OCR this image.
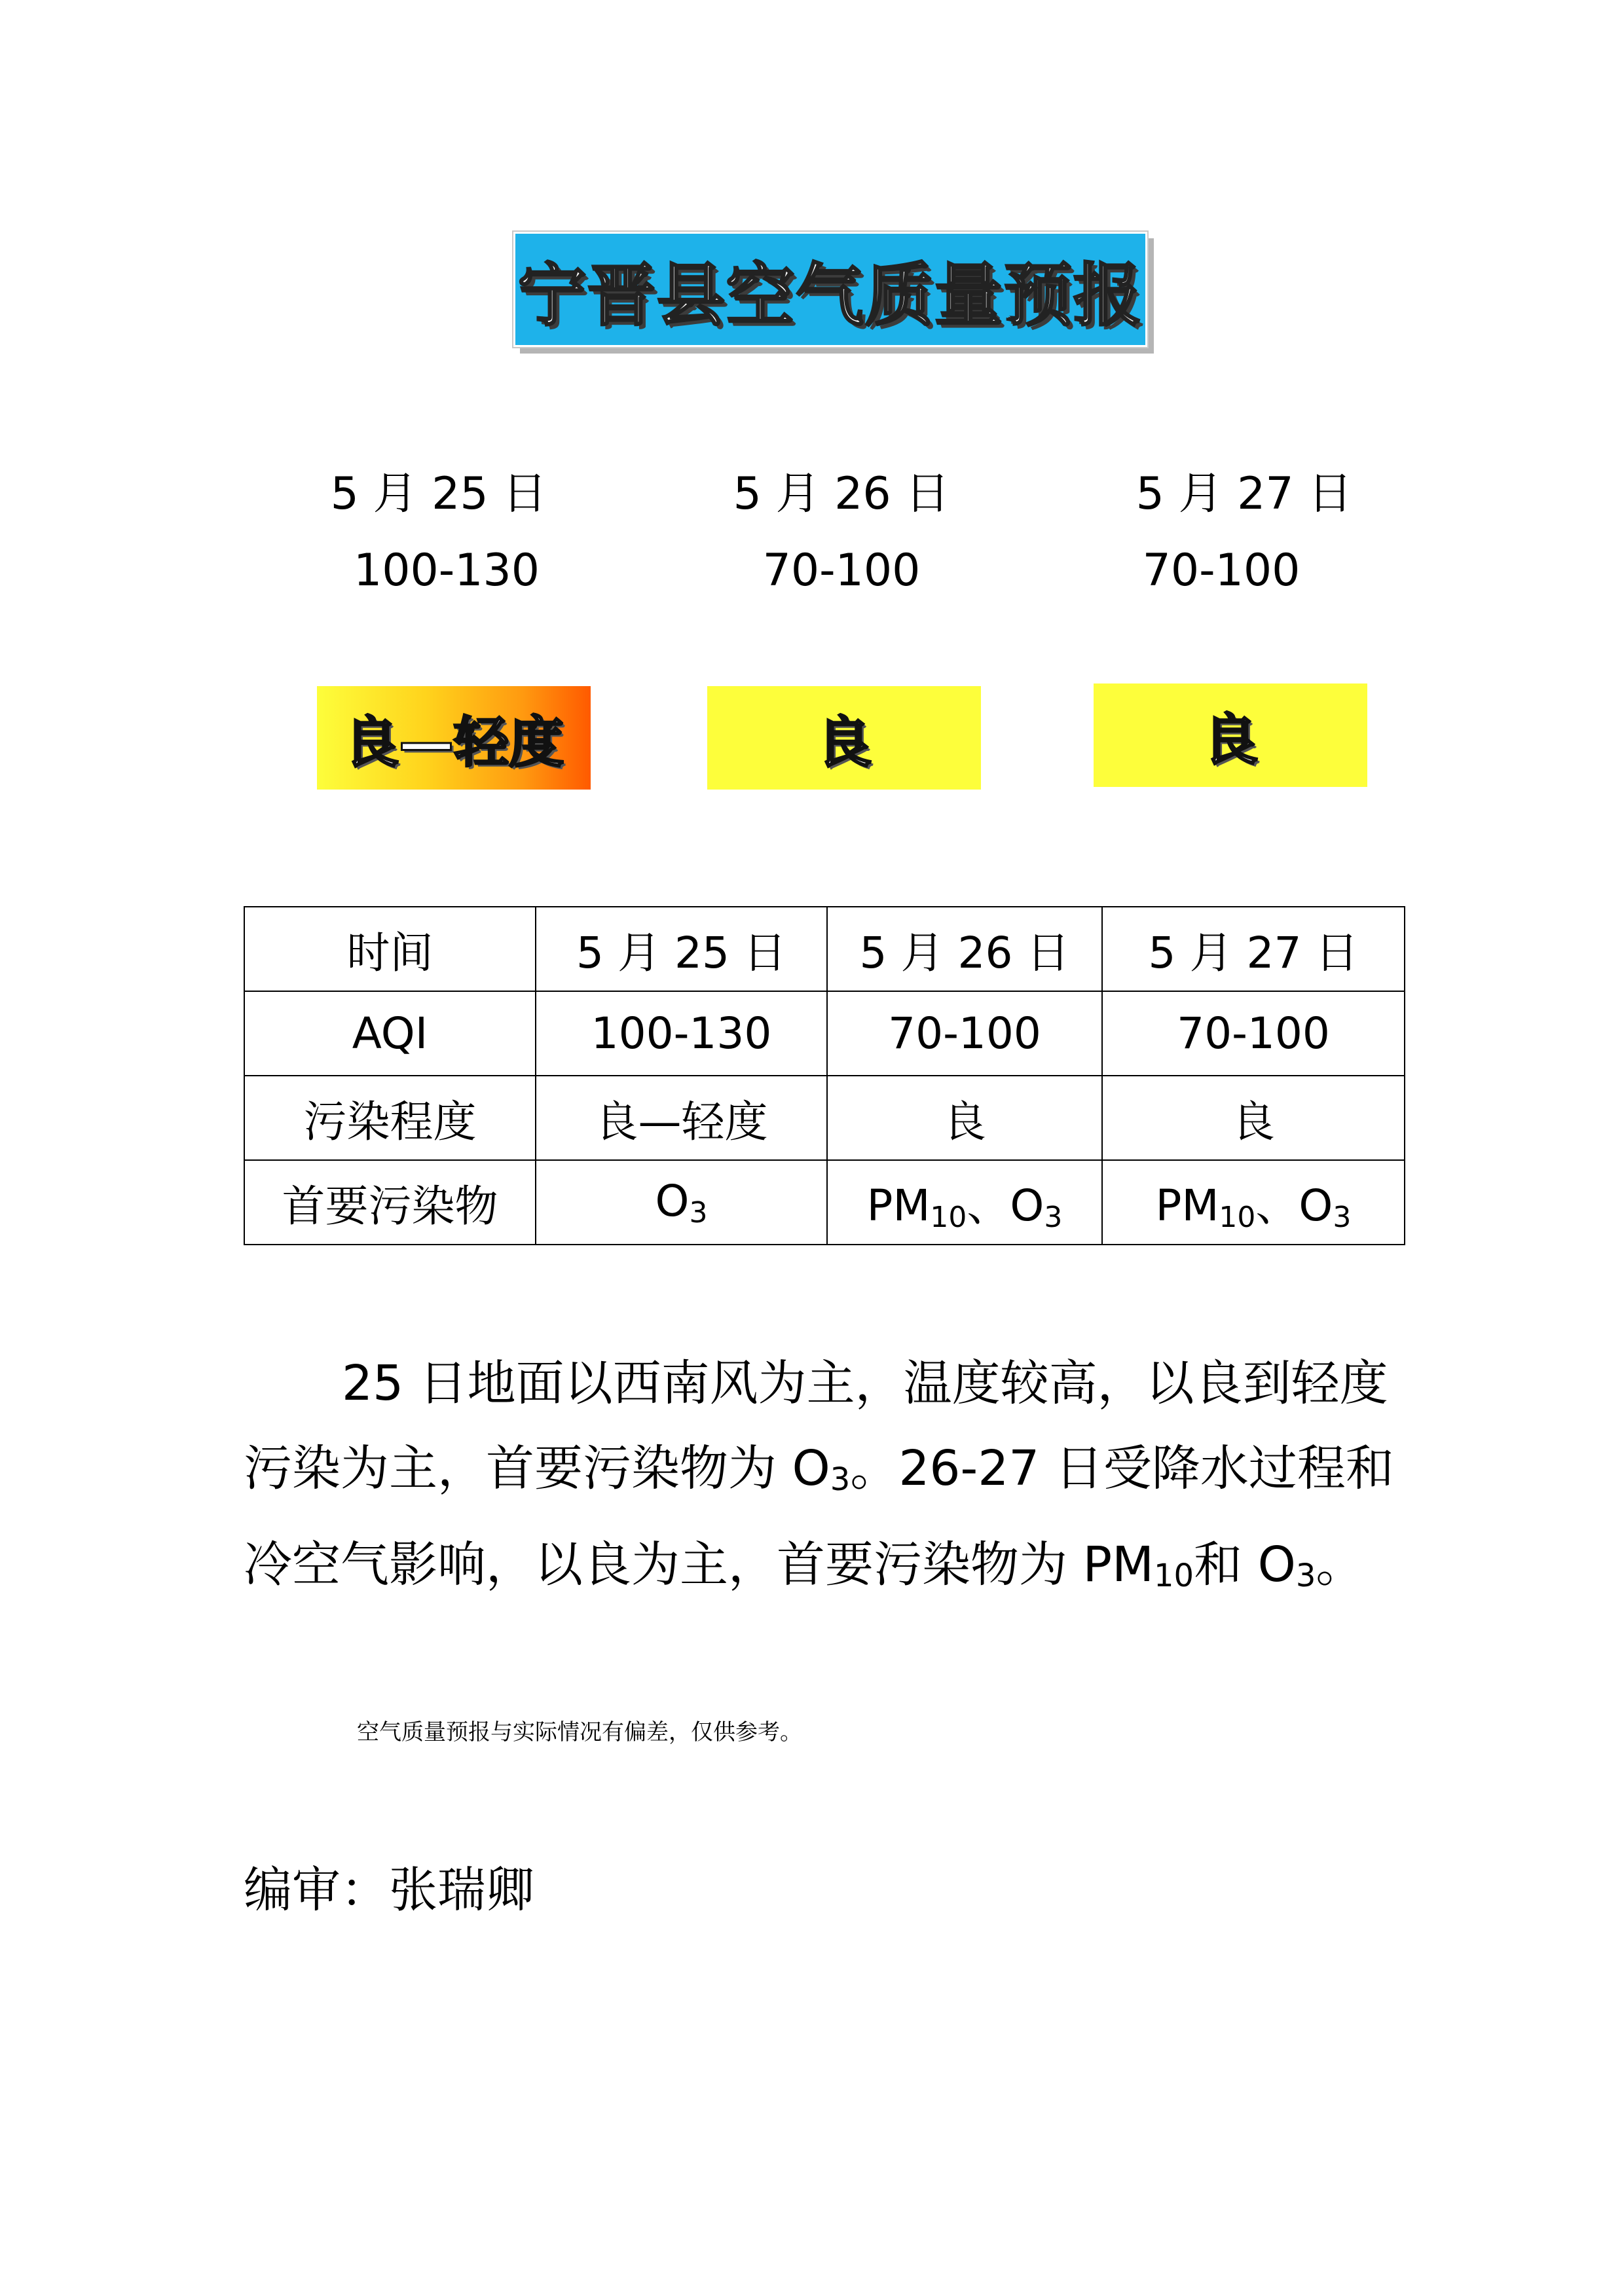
宁晋县空气质量预报
5 月 25 日	5 月 26 日	5 月 27 日
100-130	70-100	70-100
良—轻度	良	良
时间	5 月 25 日	5 月 26 日	5 月 27 日
AQI	100-130	70-100	70-100
污染程度	良—轻度	良	良
首要污染物	$O_3$	$PM_{10}$、$O_3$	$PM_{10}$、$O_3$

25 日地面以西南风为主，温度较高，以良到轻度

污染为主，首要污染物为 $O_3$。26-27 日受降水过程和

冷空气影响，以良为主，首要污染物为 $PM_{10}$和 $O_3$。

空气质量预报与实际情况有偏差，仅供参考。
编审：张瑞卿
